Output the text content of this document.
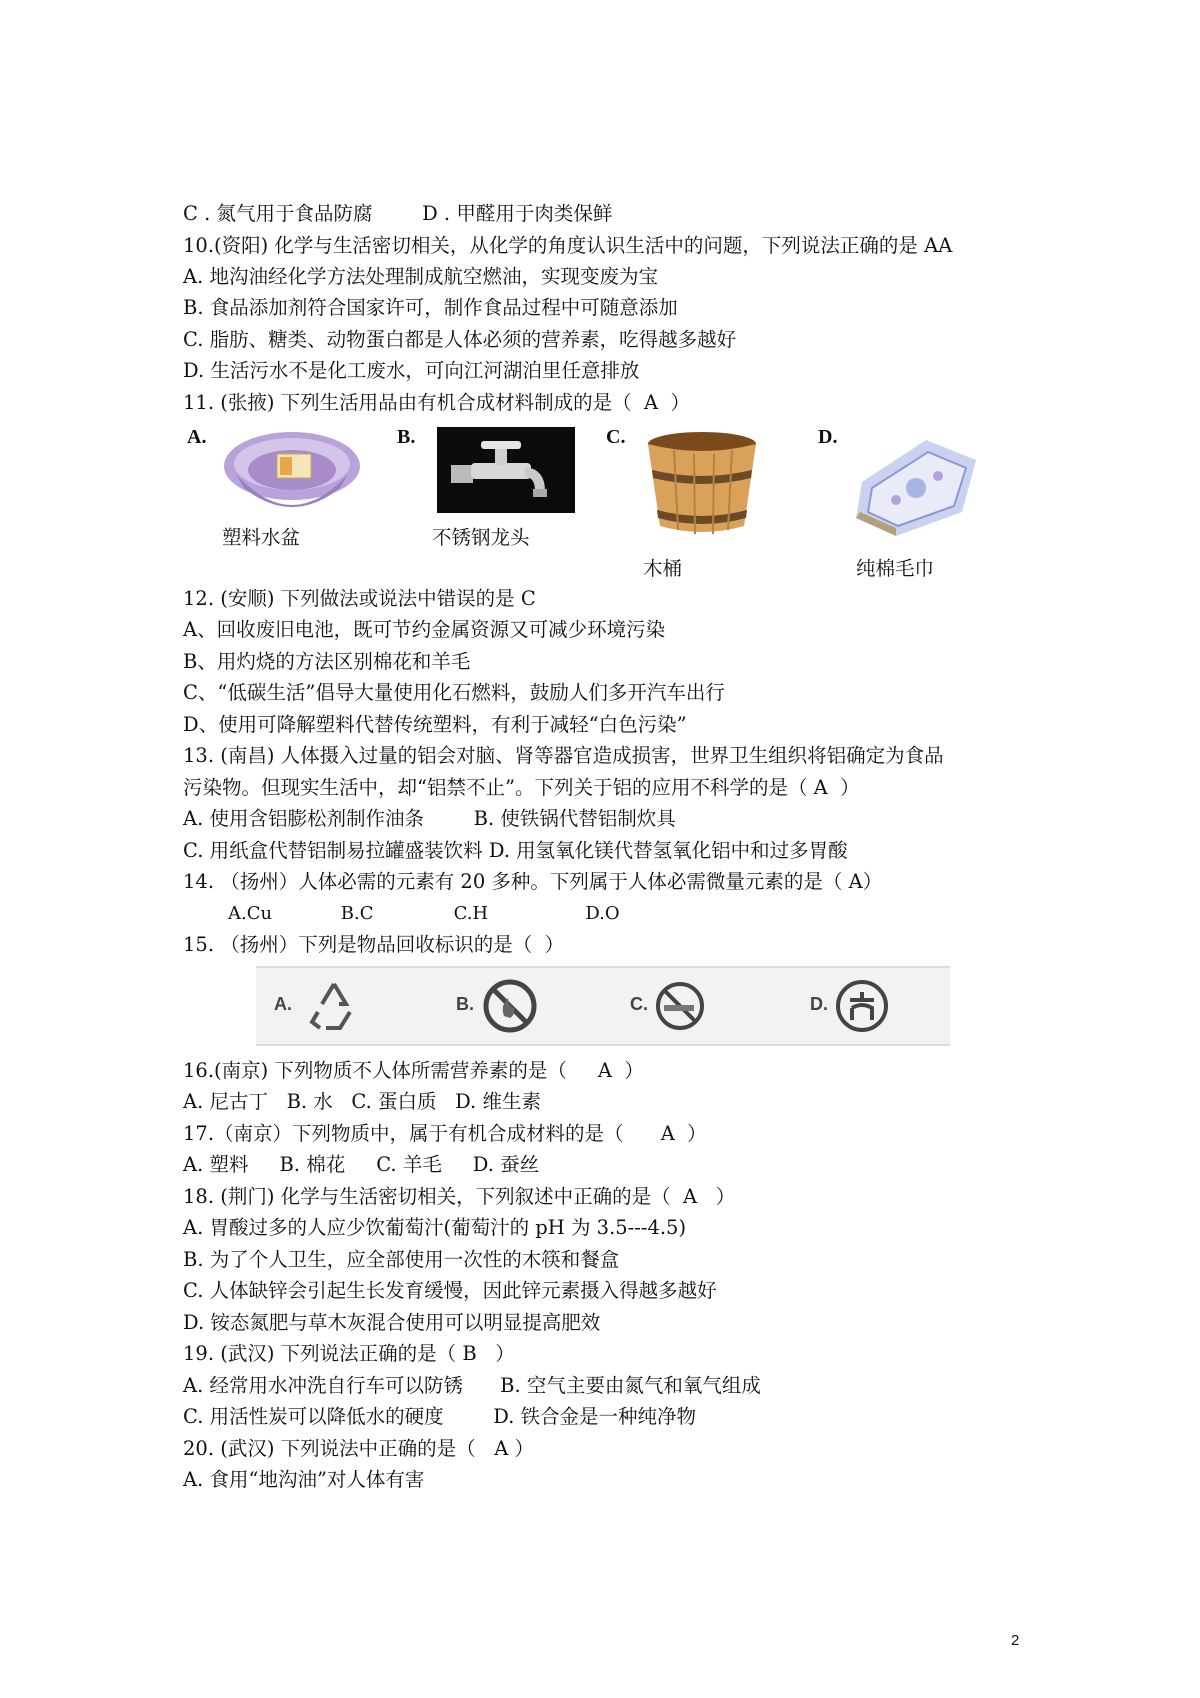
C . 氮气用于食品防腐        D . 甲醛用于肉类保鲜
10.(资阳) 化学与生活密切相关，从化学的角度认识生活中的问题，下列说法正确的是 AA
A. 地沟油经化学方法处理制成航空燃油，实现变废为宝
B. 食品添加剂符合国家许可，制作食品过程中可随意添加
C. 脂肪、糖类、动物蛋白都是人体必须的营养素，吃得越多越好
D. 生活污水不是化工废水，可向江河湖泊里任意排放
11. (张掖) 下列生活用品由有机合成材料制成的是（  A  ）
A.
塑料水盆
B.
不锈钢龙头
C.
木桶
D.
纯棉毛巾
12. (安顺) 下列做法或说法中错误的是 C
A、回收废旧电池，既可节约金属资源又可减少环境污染
B、用灼烧的方法区别棉花和羊毛
C、“低碳生活”倡导大量使用化石燃料，鼓励人们多开汽车出行
D、使用可降解塑料代替传统塑料，有利于减轻“白色污染”
13. (南昌) 人体摄入过量的铝会对脑、肾等器官造成损害，世界卫生组织将铝确定为食品
污染物。但现实生活中，却“铝禁不止”。下列关于铝的应用不科学的是（ A  ）
A. 使用含铝膨松剂制作油条        B. 使铁锅代替铝制炊具
C. 用纸盒代替铝制易拉罐盛装饮料 D. 用氢氧化镁代替氢氧化铝中和过多胃酸
14. （扬州）人体必需的元素有 20 多种。下列属于人体必需微量元素的是（ A）
A.Cu            B.C              C.H                 D.O
15. （扬州）下列是物品回收标识的是（  ）
A.	B.	C.	D.
16.(南京) 下列物质不人体所需营养素的是（     A  ）
A. 尼古丁   B. 水   C. 蛋白质   D. 维生素
17.（南京）下列物质中，属于有机合成材料的是（      A  ）
A. 塑料     B. 棉花     C. 羊毛     D. 蚕丝
18. (荆门) 化学与生活密切相关，下列叙述中正确的是（  A   ）
A. 胃酸过多的人应少饮葡萄汁(葡萄汁的 pH 为 3.5---4.5)
B. 为了个人卫生，应全部使用一次性的木筷和餐盒
C. 人体缺锌会引起生长发育缓慢，因此锌元素摄入得越多越好
D. 铵态氮肥与草木灰混合使用可以明显提高肥效
19. (武汉) 下列说法正确的是（ B   ）
A. 经常用水冲洗自行车可以防锈      B. 空气主要由氮气和氧气组成
C. 用活性炭可以降低水的硬度        D. 铁合金是一种纯净物
20. (武汉) 下列说法中正确的是（   A ）
A. 食用“地沟油”对人体有害
2
